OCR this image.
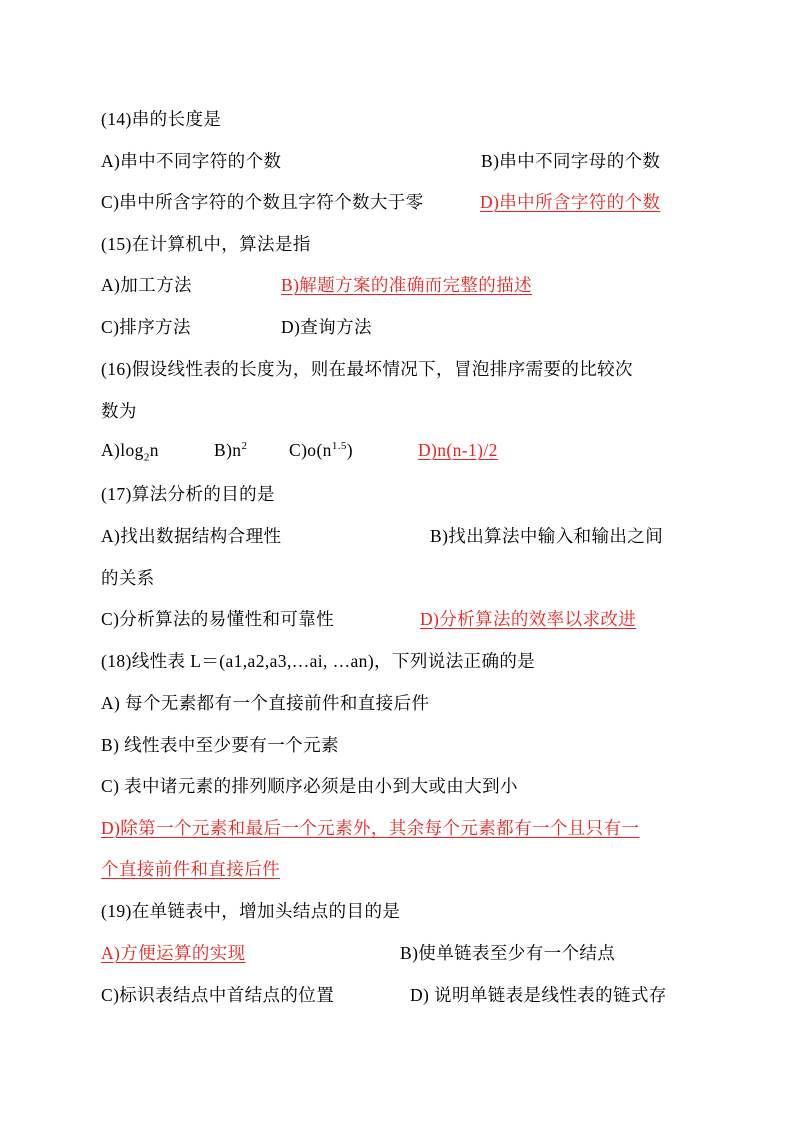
(14)串的长度是
A)串中不同字符的个数	B)串中不同字母的个数
C)串中所含字符的个数且字符个数大于零	D)串中所含字符的个数
(15)在计算机中，算法是指
A)加工方法	B)解题方案的准确而完整的描述
C)排序方法	D)查询方法
(16)假设线性表的长度为，则在最坏情况下，冒泡排序需要的比较次
数为
$A)\log_2n$	$B)n^2$ $C)o(n^{1.5})$	D)n(n-1)/2
(17)算法分析的目的是
A)找出数据结构合理性	B)找出算法中输入和输出之间
的关系
C)分析算法的易懂性和可靠性	D)分析算法的效率以求改进
(18)线性表 L＝(a1,a2,a3,…ai, …an)，下列说法正确的是
A) 每个无素都有一个直接前件和直接后件
B) 线性表中至少要有一个元素
C) 表中诸元素的排列顺序必须是由小到大或由大到小
D)除第一个元素和最后一个元素外，其余每个元素都有一个且只有一
个直接前件和直接后件
(19)在单链表中，增加头结点的目的是
A)方便运算的实现	B)使单链表至少有一个结点
C)标识表结点中首结点的位置	D) 说明单链表是线性表的链式存
